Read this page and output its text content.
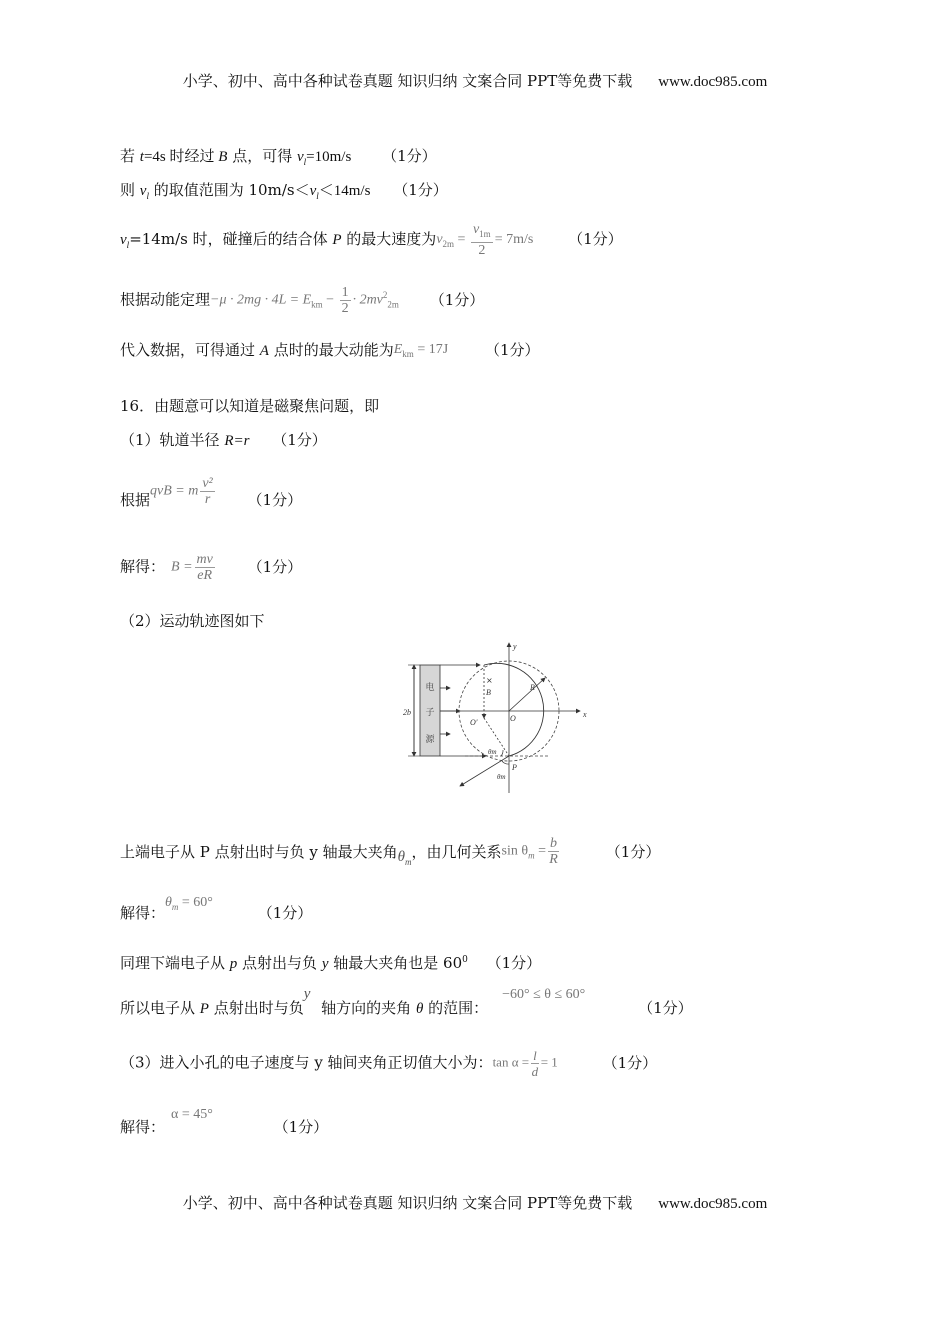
小学、初中、高中各种试卷真题 知识归纳 文案合同 PPT等免费下载 www.doc985.com
若 t=4s 时经过 B 点，可得 $v_l=10m/s$ （1分）
则 $v_l$ 的取值范围为 $10m/s<v_l<14m/s$ （1分）
$v_l=14m/s$ 时，碰撞后的结合体 P 的最大速度为$v_{2m} = \frac{v_{1m}}{2} = 7m/s$ （1分）
根据动能定理$-\mu \cdot 2mg \cdot 4L = E_{km} - \frac{1}{2} \cdot 2mv^2_{2m}$ （1分）
代入数据，可得通过 A 点时的最大动能为$E_{km} = 17J$ （1分）
16．由题意可以知道是磁聚焦问题，即
（1）轨道半径 R=r （1分）
根据qvB = m $\frac{\text{v²}}{r} (1$分）
解得： $B = \frac{mv}{eR} (1$分）
（2）运动轨迹图如下
电
子
源
2b	x
y
×
B
R
O
O′
θm
θm
P
上端电子从 P 点射出时与负 y 轴最大夹角$\theta_m$，由几何关系$\sin \theta_m = \frac{b}{R}$	（1分）
解得：$\theta_m = 60^\circ$ （1分）
同理下端电子从 p 点射出与负 y 轴最大夹角也是 $60^0$ （1分）
所以电子从 P 点射出时与负y 轴方向的夹角 θ 的范围：−60° ≤ θ ≤ 60° （1分）
（3）进入小孔的电子速度与 y 轴间夹角正切值大小为：$\tan \alpha = \frac{l}{d} = 1$	（1分）
解得：α = 45° （1分）
小学、初中、高中各种试卷真题 知识归纳 文案合同 PPT等免费下载 www.doc985.com
